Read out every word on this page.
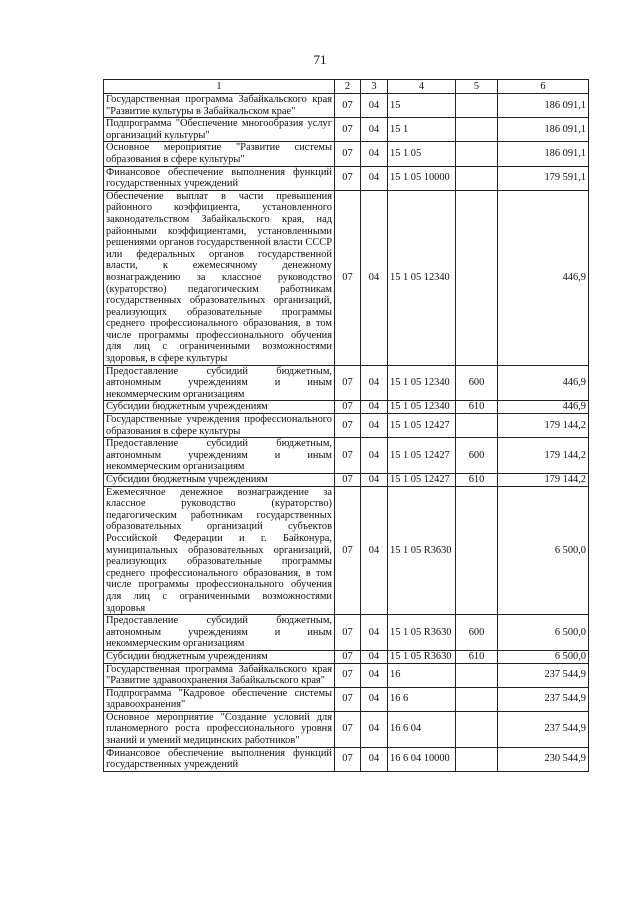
71
1	2	3	4	5	6
Государственная программа Забайкальского края "Развитие культуры в Забайкальском крае"	07	04	15		186 091,1
Подпрограмма "Обеспечение многообразия услуг организаций культуры"	07	04	15 1		186 091,1
Основное мероприятие "Развитие системы образования в сфере культуры"	07	04	15 1 05		186 091,1
Финансовое обеспечение выполнения функций государственных учреждений	07	04	15 1 05 10000		179 591,1
Обеспечение выплат в части превышения районного коэффициента, установленного законодательством Забайкальского края, над районными коэффициентами, установленными решениями органов государственной власти СССР или федеральных органов государственной власти, к ежемесячному денежному вознаграждению за классное руководство (кураторство) педагогическим работникам государственных образовательных организаций, реализующих образовательные программы среднего профессионального образования, в том числе программы профессионального обучения для лиц с ограниченными возможностями здоровья, в сфере культуры	07	04	15 1 05 12340		446,9
Предоставление субсидий бюджетным, автономным учреждениям и иным некоммерческим организациям	07	04	15 1 05 12340	600	446,9
Субсидии бюджетным учреждениям	07	04	15 1 05 12340	610	446,9
Государственные учреждения профессионального образования в сфере культуры	07	04	15 1 05 12427		179 144,2
Предоставление субсидий бюджетным, автономным учреждениям и иным некоммерческим организациям	07	04	15 1 05 12427	600	179 144,2
Субсидии бюджетным учреждениям	07	04	15 1 05 12427	610	179 144,2
Ежемесячное денежное вознаграждение за классное руководство (кураторство) педагогическим работникам государственных образовательных организаций субъектов Российской Федерации и г. Байконура, муниципальных образовательных организаций, реализующих образовательные программы среднего профессионального образования, в том числе программы профессионального обучения для лиц с ограниченными возможностями здоровья	07	04	15 1 05 R3630		6 500,0
Предоставление субсидий бюджетным, автономным учреждениям и иным некоммерческим организациям	07	04	15 1 05 R3630	600	6 500,0
Субсидии бюджетным учреждениям	07	04	15 1 05 R3630	610	6 500,0
Государственная программа Забайкальского края "Развитие здравоохранения Забайкальского края"	07	04	16		237 544,9
Подпрограмма "Кадровое обеспечение системы здравоохранения"	07	04	16 6		237 544,9
Основное мероприятие "Создание условий для планомерного роста профессионального уровня знаний и умений медицинских работников"	07	04	16 6 04		237 544,9
Финансовое обеспечение выполнения функций государственных учреждений	07	04	16 6 04 10000		230 544,9
